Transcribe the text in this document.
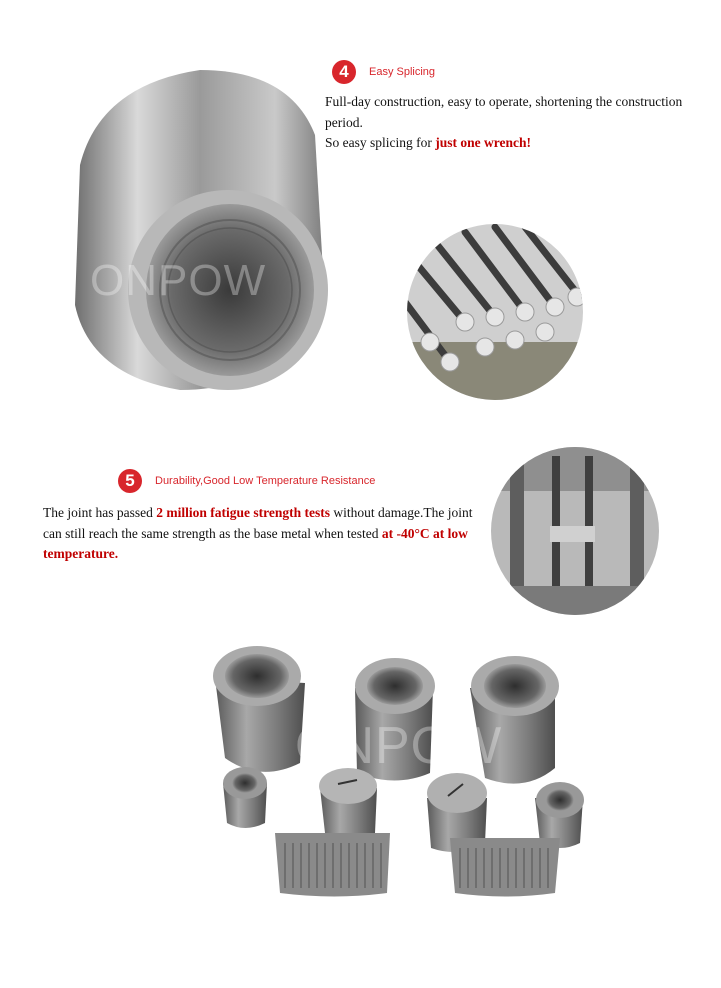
ONPOW
4	Easy Splicing
Full-day construction, easy to operate, shortening the construction period.
So easy splicing for just one wrench!
5	Durability,Good Low Temperature Resistance
The joint has passed 2 million fatigue strength tests without damage.The joint can still reach the same strength as the base metal when tested at -40°C at low temperature.
ONPOW
